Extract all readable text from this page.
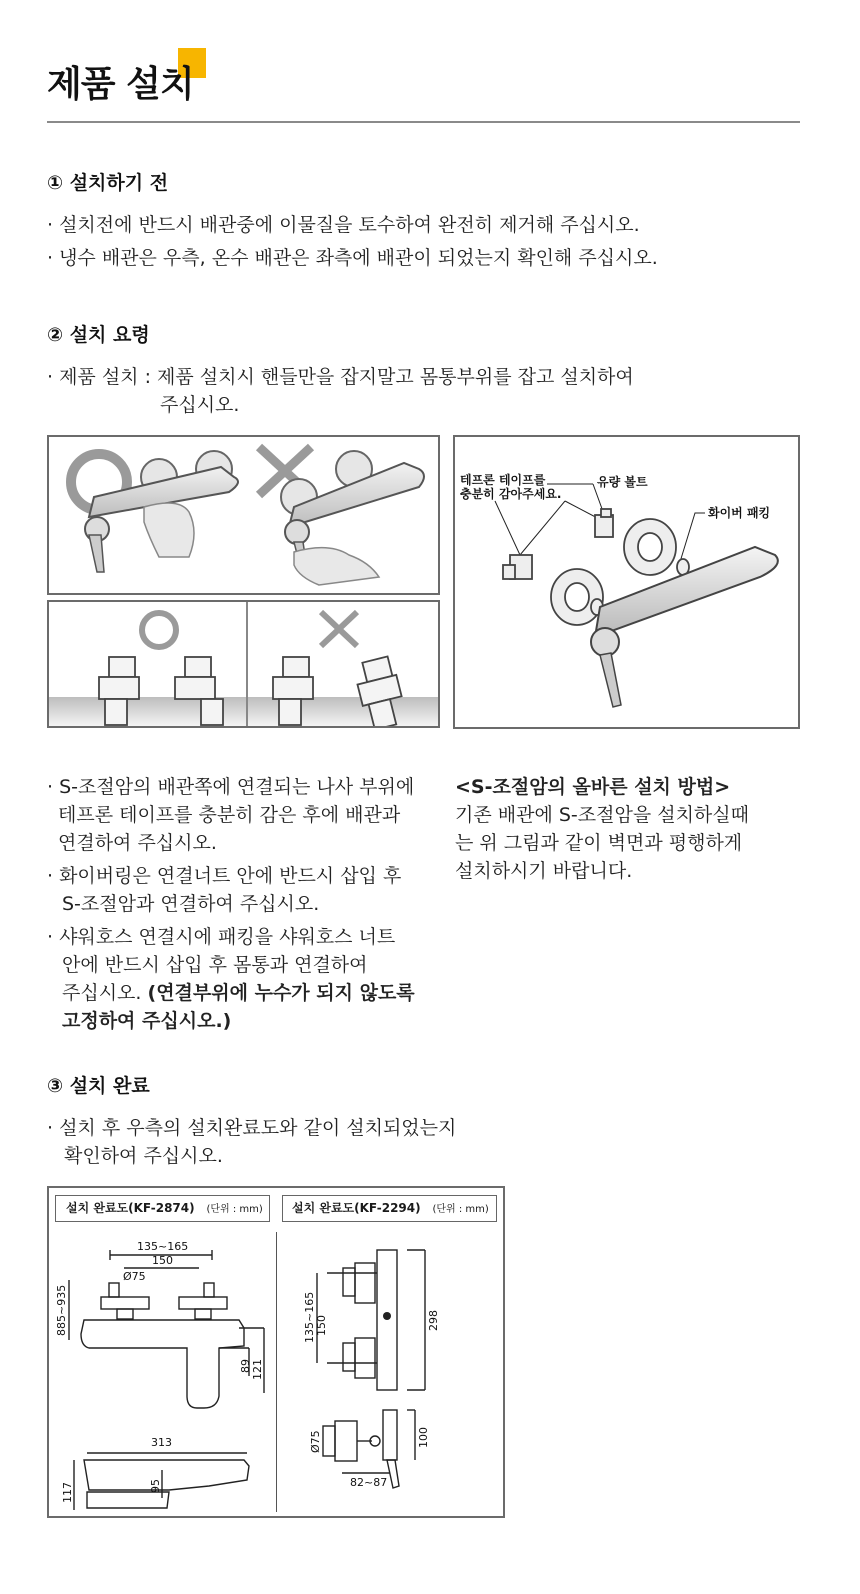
제품 설치
① 설치하기 전
· 설치전에 반드시 배관중에 이물질을 토수하여 완전히 제거해 주십시오.
· 냉수 배관은 우측, 온수 배관은 좌측에 배관이 되었는지 확인해 주십시오.
② 설치 요령
· 제품 설치 : 제품 설치시 핸들만을 잡지말고 몸통부위를 잡고 설치하여
주십시오.
테프론 테이프를
충분히 감아주세요.
유량 볼트
화이버 패킹
· S-조절암의 배관쪽에 연결되는 나사 부위에
테프론 테이프를 충분히 감은 후에 배관과
연결하여 주십시오.
· 화이버링은 연결너트 안에 반드시 삽입 후
S-조절암과 연결하여 주십시오.
· 샤워호스 연결시에 패킹을 샤워호스 너트
안에 반드시 삽입 후 몸통과 연결하여
주십시오. (연결부위에 누수가 되지 않도록
고정하여 주십시오.)
<S-조절암의 올바른 설치 방법>
기존 배관에 S-조절암을 설치하실때
는 위 그림과 같이 벽면과 평행하게
설치하시기 바랍니다.
③ 설치 완료
· 설치 후 우측의 설치완료도와 같이 설치되었는지
확인하여 주십시오.
설치 완료도(KF-2874) (단위 : mm)	설치 완료도(KF-2294) (단위 : mm)
135~165
150
Ø75
885~935
89 121
313
117	95
135~165 150	298
Ø75	100
82~87
